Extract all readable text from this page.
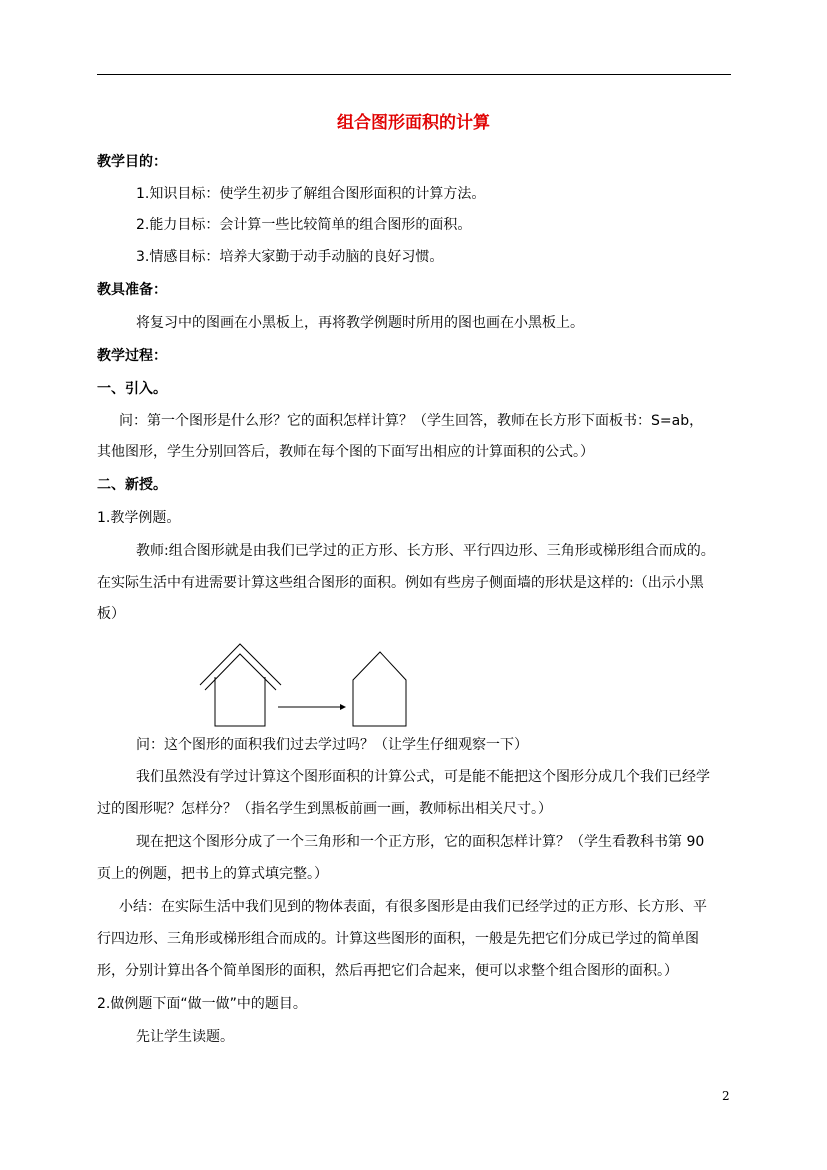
组合图形面积的计算
教学目的：
1.知识目标：使学生初步了解组合图形面积的计算方法。
2.能力目标：会计算一些比较简单的组合图形的面积。
3.情感目标：培养大家勤于动手动脑的良好习惯。
教具准备：
将复习中的图画在小黑板上，再将教学例题时所用的图也画在小黑板上。
教学过程：
一、引入。
问：第一个图形是什么形？它的面积怎样计算？（学生回答，教师在长方形下面板书：S=ab，
其他图形，学生分别回答后，教师在每个图的下面写出相应的计算面积的公式。）
二、新授。
1.教学例题。
教师:组合图形就是由我们已学过的正方形、长方形、平行四边形、三角形或梯形组合而成的。
在实际生活中有进需要计算这些组合图形的面积。例如有些房子侧面墙的形状是这样的:（出示小黑
板）
问：这个图形的面积我们过去学过吗？（让学生仔细观察一下）
我们虽然没有学过计算这个图形面积的计算公式，可是能不能把这个图形分成几个我们已经学
过的图形呢？怎样分？（指名学生到黑板前画一画，教师标出相关尺寸。）
现在把这个图形分成了一个三角形和一个正方形，它的面积怎样计算？（学生看教科书第 90
页上的例题，把书上的算式填完整。）
小结：在实际生活中我们见到的物体表面，有很多图形是由我们已经学过的正方形、长方形、平
行四边形、三角形或梯形组合而成的。计算这些图形的面积，一般是先把它们分成已学过的简单图
形，分别计算出各个简单图形的面积，然后再把它们合起来，便可以求整个组合图形的面积。）
2.做例题下面“做一做”中的题目。
先让学生读题。
2
